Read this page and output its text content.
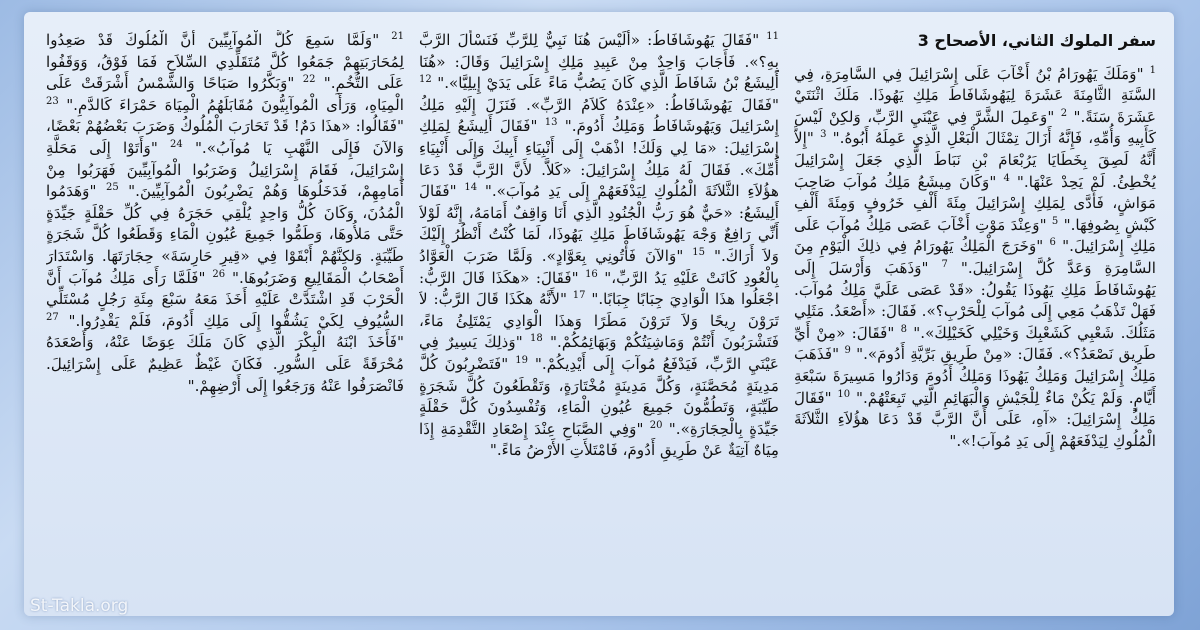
سفر الملوك الثاني، الأصحاح 3
$^1$ "وَمَلَكَ يَهُورَامُ بْنُ أَخْآبَ عَلَى إِسْرَائِيلَ فِي السَّامِرَةِ، فِي السَّنَةِ الثَّامِنَةَ عَشَرَةَ لِيَهُوشَافَاطَ مَلِكِ يَهُوذَا. مَلَكَ اثْنَتَيْ عَشَرَةَ سَنَةً." $^2$ "وَعَمِلَ الشَّرَّ فِي عَيْنَيِ الرَّبِّ، وَلكِنْ لَيْسَ كَأَبِيهِ وَأُمِّهِ، فَإِنَّهُ أَزَالَ تِمْثَالَ الْبَعْلِ الَّذِي عَمِلَهُ أَبُوهُ." $^3$ "إِلاَّ أَنَّهُ لَصِقَ بِخَطَايَا يَرُبْعَامَ بْنِ نَبَاطَ الَّذِي جَعَلَ إِسْرَائِيلَ يُخْطِئُ. لَمْ يَحِدْ عَنْهَا." $^4$ "وَكَانَ مِيشَعُ مَلِكُ مُوآبَ صَاحِبَ مَوَاشٍ، فَأَدَّى لِمَلِكِ إِسْرَائِيلَ مِئَةَ أَلْفِ خَرُوفٍ وَمِئَةَ أَلْفِ كَبْشٍ بِصُوفِهَا." $^5$ "وَعِنْدَ مَوْتِ أَخْآبَ عَصَى مَلِكُ مُوآبَ عَلَى مَلِكِ إِسْرَائِيلَ." $^6$ "وَخَرَجَ الْمَلِكُ يَهُورَامُ فِي ذلِكَ الْيَوْمِ مِنَ السَّامِرَةِ وَعَدَّ كُلَّ إِسْرَائِيلَ." $^7$ "وَذَهَبَ وَأَرْسَلَ إِلَى يَهُوشَافَاطَ مَلِكِ يَهُوذَا يَقُولُ: «قَدْ عَصَى عَلَيَّ مَلِكُ مُوآبَ. فَهَلْ تَذْهَبُ مَعِي إِلَى مُوآبَ لِلْحَرْبِ؟». فَقَالَ: «أَصْعَدُ. مَثَلِي مَثَلُكَ. شَعْبِي كَشَعْبِكَ وَخَيْلِي كَخَيْلِكَ»." $^8$ "فَقَالَ: «مِنْ أَيِّ طَرِيق نَصْعَدُ؟». فَقَالَ: «مِنْ طَرِيقِ بَرِّيَّةِ أَدُومَ»." $^9$ "فَذَهَبَ مَلِكُ إِسْرَائِيلَ وَمَلِكُ يَهُوذَا وَمَلِكُ أَدُومَ وَدَارُوا مَسِيرَةَ سَبْعَةِ أَيَّامٍ. وَلَمْ يَكُنْ مَاءٌ لِلْجَيْشِ وَالْبَهَائِمِ الَّتِي تَبِعَتْهُمْ." $^{10}$ "فَقَالَ مَلِكُ إِسْرَائِيلَ: «آهِ، عَلَى أَنَّ الرَّبَّ قَدْ دَعَا هؤُلاَءِ الثَّلاَثَةَ الْمُلُوكِ لِيَدْفَعَهُمْ إِلَى يَدِ مُوآبَ!»."
$^{11}$ "فَقَالَ يَهُوشَافَاطُ: «أَلَيْسَ هُنَا نَبِيٌّ لِلرَّبِّ فَنَسْأَلَ الرَّبَّ بِهِ؟». فَأَجَابَ وَاحِدٌ مِنْ عَبِيدِ مَلِكِ إِسْرَائِيلَ وَقَالَ: «هُنَا أَلِيشَعُ بْنُ شَافَاطَ الَّذِي كَانَ يَصُبُّ مَاءً عَلَى يَدَيْ إِيلِيَّا»." $^{12}$ "فَقَالَ يَهُوشَافَاطُ: «عِنْدَهُ كَلاَمُ الرَّبِّ». فَنَزَلَ إِلَيْهِ مَلِكُ إِسْرَائِيلَ وَيَهُوشَافَاطُ وَمَلِكُ أَدُومَ." $^{13}$ "فَقَالَ أَلِيشَعُ لِمَلِكِ إِسْرَائِيلَ: «مَا لِي وَلَكَ! اذْهَبْ إِلَى أَنْبِيَاءِ أَبِيكَ وَإِلَى أَنْبِيَاءِ أُمِّكَ». فَقَالَ لَهُ مَلِكُ إِسْرَائِيلَ: «كَلاَّ. لأَنَّ الرَّبَّ قَدْ دَعَا هؤُلاَءِ الثَّلاَثَةَ الْمُلُوكِ لِيَدْفَعَهُمْ إِلَى يَدِ مُوآبَ»." $^{14}$ "فَقَالَ أَلِيشَعُ: «حَيٌّ هُوَ رَبُّ الْجُنُودِ الَّذِي أَنَا وَاقِفٌ أَمَامَهُ، إِنَّهُ لَوْلاَ أَنِّي رَافِعٌ وَجْهَ يَهُوشَافَاطَ مَلِكِ يَهُوذَا، لَمَا كُنْتُ أَنْظُرُ إِلَيْكَ وَلاَ أَرَاكَ." $^{15}$ "وَالآنَ فَأْتُونِي بِعَوَّادٍ». وَلَمَّا ضَرَبَ الْعَوَّادُ بِالْعُودِ كَانَتْ عَلَيْهِ يَدُ الرَّبِّ،" $^{16}$ "فَقَالَ: «هكَذَا قَالَ الرَّبُّ: اجْعَلُوا هذَا الْوَادِيَ جِبَابًا جِبَابًا." $^{17}$ "لأَنَّهُ هكَذَا قَالَ الرَّبُّ: لاَ تَرَوْنَ رِيحًا وَلاَ تَرَوْنَ مَطَرًا وَهذَا الْوَادِي يَمْتَلِئُ مَاءً، فَتَشْرَبُونَ أَنْتُمْ وَمَاشِيَتُكُمْ وَبَهَائِمُكُمْ." $^{18}$ "وَذلِكَ يَسِيرٌ فِي عَيْنَيِ الرَّبِّ، فَيَدْفَعُ مُوآبَ إِلَى أَيْدِيكُمْ." $^{19}$ "فَتَضْرِبُونَ كُلَّ مَدِينَةٍ مُحَصَّنَةٍ، وَكُلَّ مَدِينَةٍ مُخْتَارَةٍ، وَتَقْطَعُونَ كُلَّ شَجَرَةٍ طَيِّبَةٍ، وَتَطُمُّونَ جَمِيعَ عُيُونِ الْمَاءِ، وَتُفْسِدُونَ كُلَّ حَقْلَةٍ جَيِّدَةٍ بِالْحِجَارَةِ»." $^{20}$ "وَفِي الصَّبَاحِ عِنْدَ إِصْعَادِ التَّقْدِمَةِ إِذَا مِيَاهٌ آتِيَةٌ عَنْ طَرِيقِ أَدُومَ، فَامْتَلأَتِ الأَرْضُ مَاءً."
$^{21}$ "وَلَمَّا سَمِعَ كُلُّ الْمُوآبِيِّينَ أَنَّ الْمُلُوكَ قَدْ صَعِدُوا لِمُحَارَبَتِهِمْ جَمَعُوا كُلَّ مُتَقَلِّدِي السِّلاَحِ فَمَا فَوْقُ، وَوَقَفُوا عَلَى التُّخُمِ." $^{22}$ "وَبَكَّرُوا صَبَاحًا وَالشَّمْسُ أَشْرَقَتْ عَلَى الْمِيَاهِ، وَرَأَى الْمُوآبِيُّونَ مُقَابَلَهُمُ الْمِيَاهَ حَمْرَاءَ كَالدَّمِ." $^{23}$ "فَقَالُوا: «هذَا دَمٌ! قَدْ تَحَارَبَ الْمُلُوكُ وَضَرَبَ بَعْضُهُمْ بَعْضًا، وَالآنَ فَإِلَى النَّهْبِ يَا مُوآبُ»." $^{24}$ "وَأَتَوْا إِلَى مَحَلَّةِ إِسْرَائِيلَ، فَقَامَ إِسْرَائِيلُ وَضَرَبُوا الْمُوآبِيِّينَ فَهَرَبُوا مِنْ أَمَامِهِمْ، فَدَخَلُوهَا وَهُمْ يَضْرِبُونَ الْمُوآبِيِّينَ." $^{25}$ "وَهَدَمُوا الْمُدُنَ، وَكَانَ كُلُّ وَاحِدٍ يُلْقِي حَجَرَهُ فِي كُلِّ حَقْلَةٍ جَيِّدَةٍ حَتَّى مَلأُوهَا، وَطَمُّوا جَمِيعَ عُيُونِ الْمَاءِ وَقَطَعُوا كُلَّ شَجَرَةٍ طَيِّبَةٍ. وَلكِنَّهُمْ أَبْقَوْا فِي «قِيرِ حَارِسَةَ» حِجَارَتَهَا. وَاسْتَدَارَ أَصْحَابُ الْمَقَالِيعِ وَضَرَبُوهَا." $^{26}$ "فَلَمَّا رَأَى مَلِكُ مُوآبَ أَنَّ الْحَرْبَ قَدِ اشْتَدَّتْ عَلَيْهِ أَخَذَ مَعَهُ سَبْعَ مِئَةِ رَجُلٍ مُسْتَلِّي السُّيُوفِ لِكَيْ يَشُقُّوا إِلَى مَلِكِ أَدُومَ، فَلَمْ يَقْدِرُوا." $^{27}$ "فَأَخَذَ ابْنَهُ الْبِكْرَ الَّذِي كَانَ مَلَكَ عِوَضًا عَنْهُ، وَأَصْعَدَهُ مُحْرَقَةً عَلَى السُّورِ. فَكَانَ غَيْظٌ عَظِيمٌ عَلَى إِسْرَائِيلَ. فَانْصَرَفُوا عَنْهُ وَرَجَعُوا إِلَى أَرْضِهِمْ."
St-Takla.org
